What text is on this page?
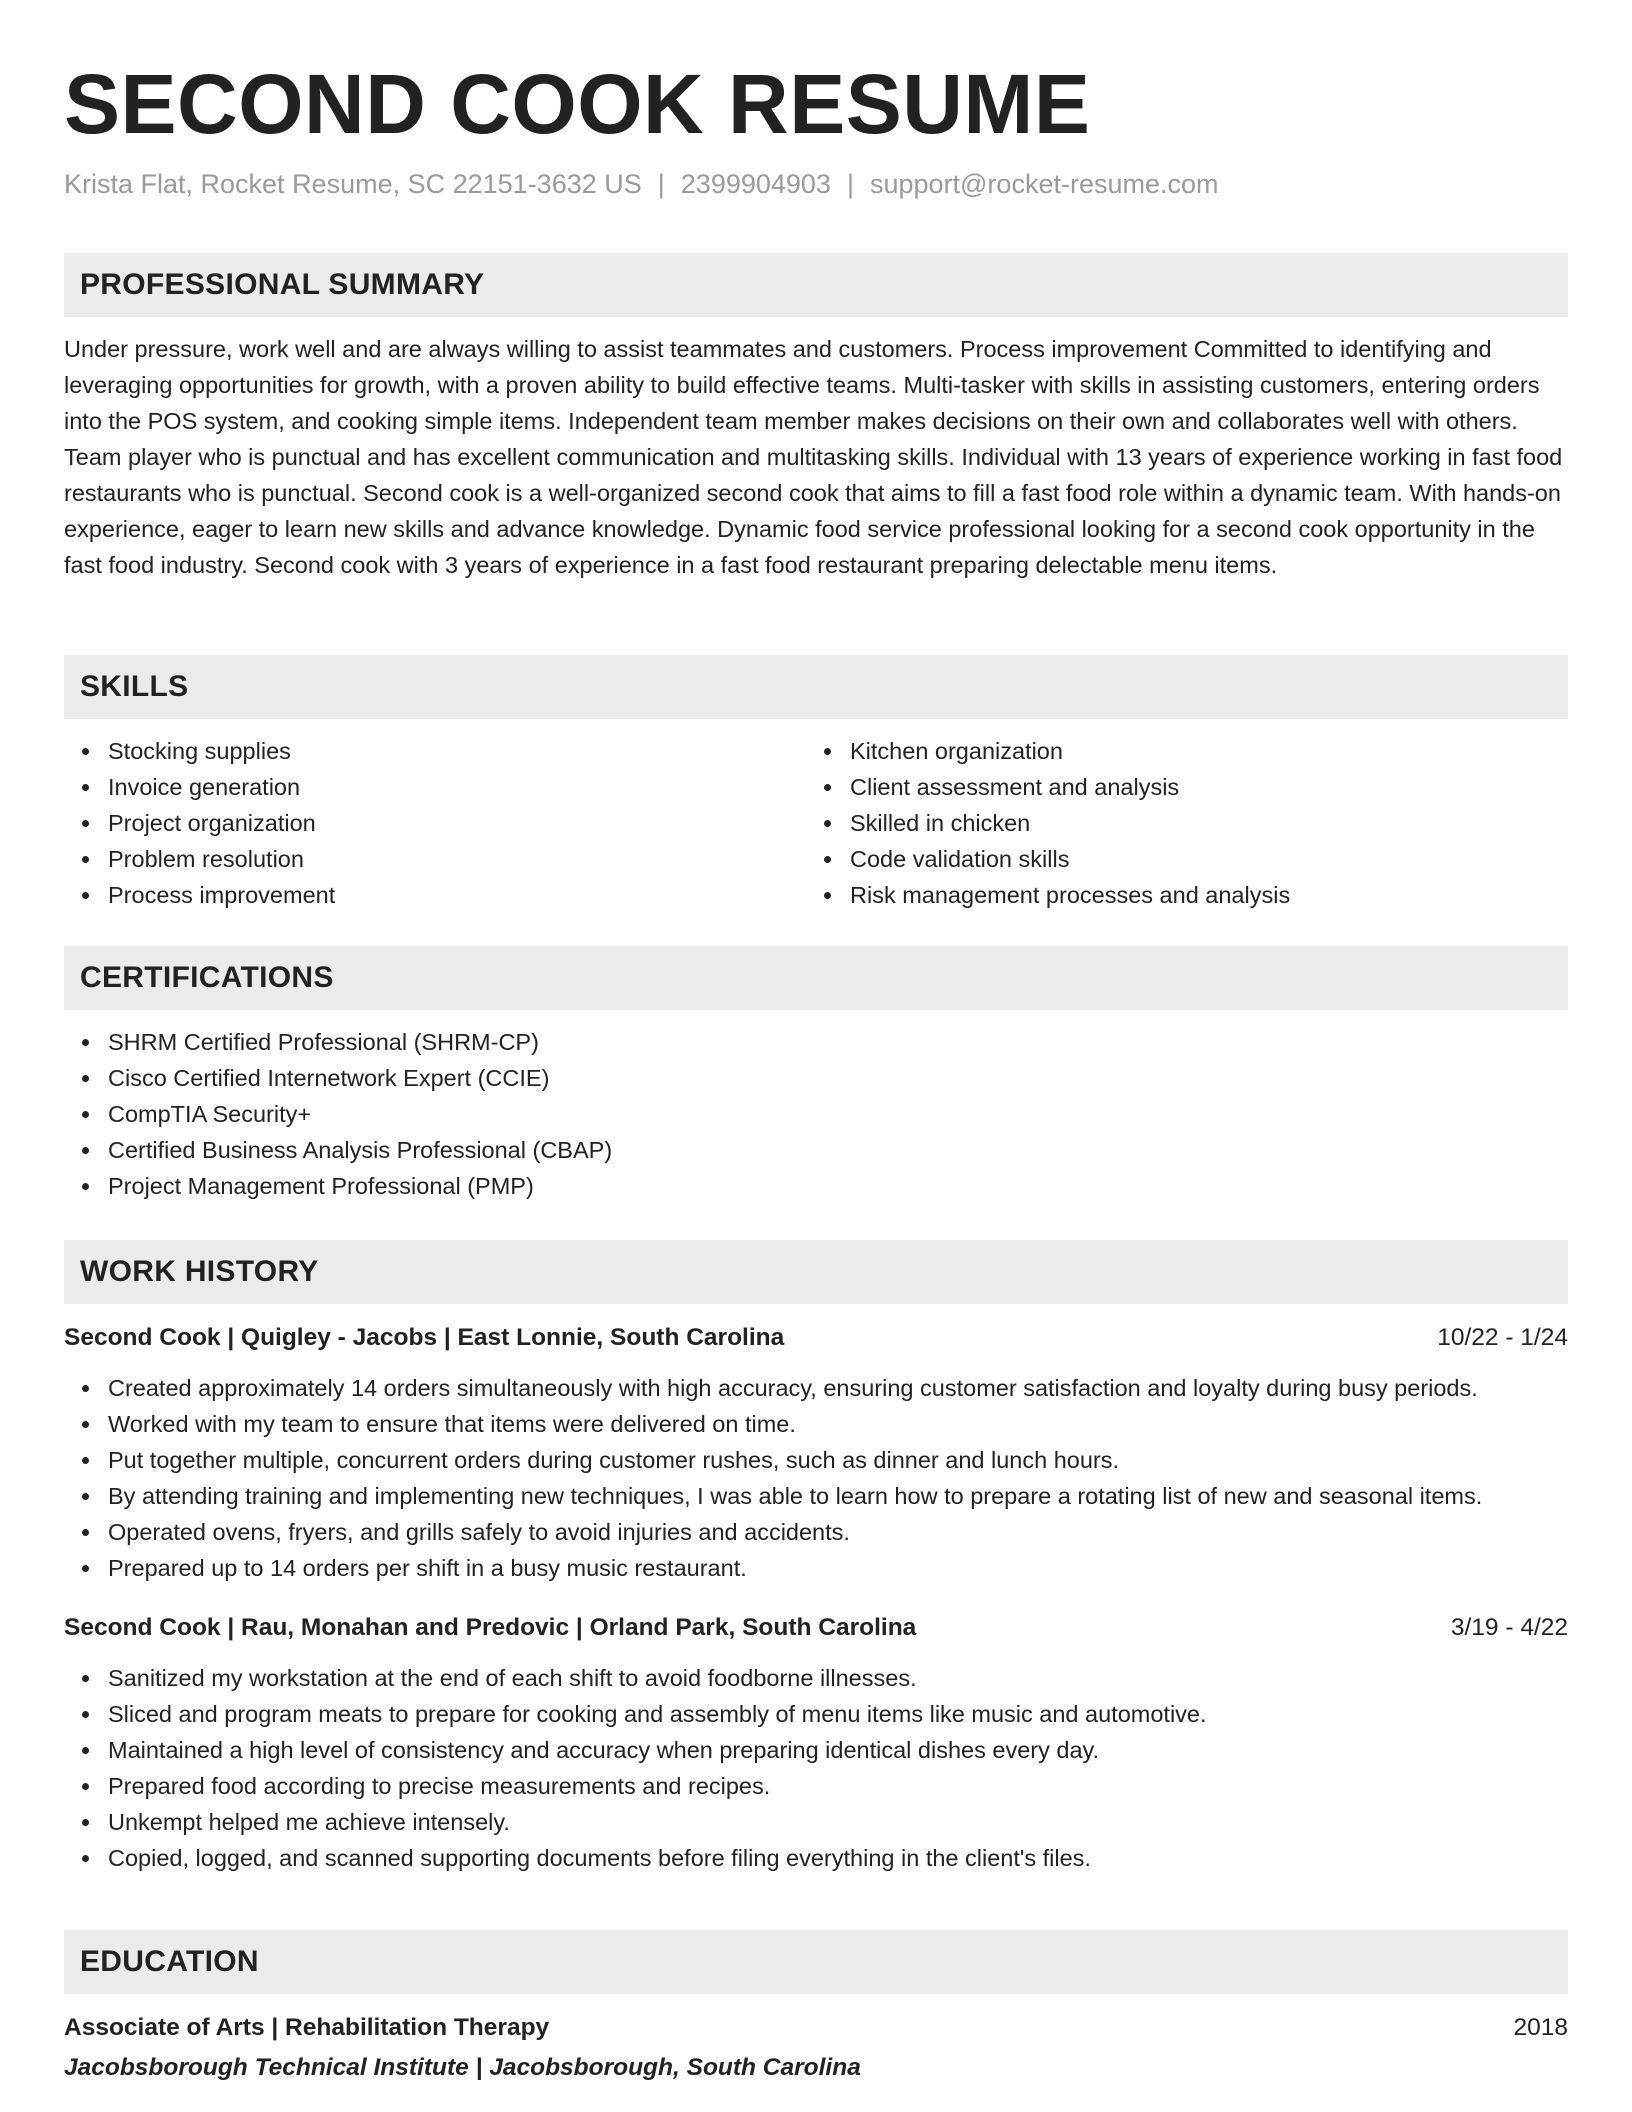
SECOND COOK RESUME
Krista Flat, Rocket Resume, SC 22151-3632 US | 2399904903 | support@rocket-resume.com
PROFESSIONAL SUMMARY

Under pressure, work well and are always willing to assist teammates and customers. Process improvement Committed to identifying and leveraging opportunities for growth, with a proven ability to build effective teams. Multi-tasker with skills in assisting customers, entering orders into the POS system, and cooking simple items. Independent team member makes decisions on their own and collaborates well with others. Team player who is punctual and has excellent communication and multitasking skills. Individual with 13 years of experience working in fast food restaurants who is punctual. Second cook is a well-organized second cook that aims to fill a fast food role within a dynamic team. With hands-on experience, eager to learn new skills and advance knowledge. Dynamic food service professional looking for a second cook opportunity in the fast food industry. Second cook with 3 years of experience in a fast food restaurant preparing delectable menu items.

SKILLS
Stocking supplies
Invoice generation
Project organization
Problem resolution
Process improvement
Kitchen organization
Client assessment and analysis
Skilled in chicken
Code validation skills
Risk management processes and analysis
CERTIFICATIONS
SHRM Certified Professional (SHRM-CP)
Cisco Certified Internetwork Expert (CCIE)
CompTIA Security+
Certified Business Analysis Professional (CBAP)
Project Management Professional (PMP)
WORK HISTORY
Second Cook | Quigley - Jacobs | East Lonnie, South Carolina	10/22 - 1/24
Created approximately 14 orders simultaneously with high accuracy, ensuring customer satisfaction and loyalty during busy periods.
Worked with my team to ensure that items were delivered on time.
Put together multiple, concurrent orders during customer rushes, such as dinner and lunch hours.
By attending training and implementing new techniques, I was able to learn how to prepare a rotating list of new and seasonal items.
Operated ovens, fryers, and grills safely to avoid injuries and accidents.
Prepared up to 14 orders per shift in a busy music restaurant.
Second Cook | Rau, Monahan and Predovic | Orland Park, South Carolina	3/19 - 4/22
Sanitized my workstation at the end of each shift to avoid foodborne illnesses.
Sliced and program meats to prepare for cooking and assembly of menu items like music and automotive.
Maintained a high level of consistency and accuracy when preparing identical dishes every day.
Prepared food according to precise measurements and recipes.
Unkempt helped me achieve intensely.
Copied, logged, and scanned supporting documents before filing everything in the client's files.
EDUCATION
Associate of Arts | Rehabilitation Therapy	2018
Jacobsborough Technical Institute | Jacobsborough, South Carolina
